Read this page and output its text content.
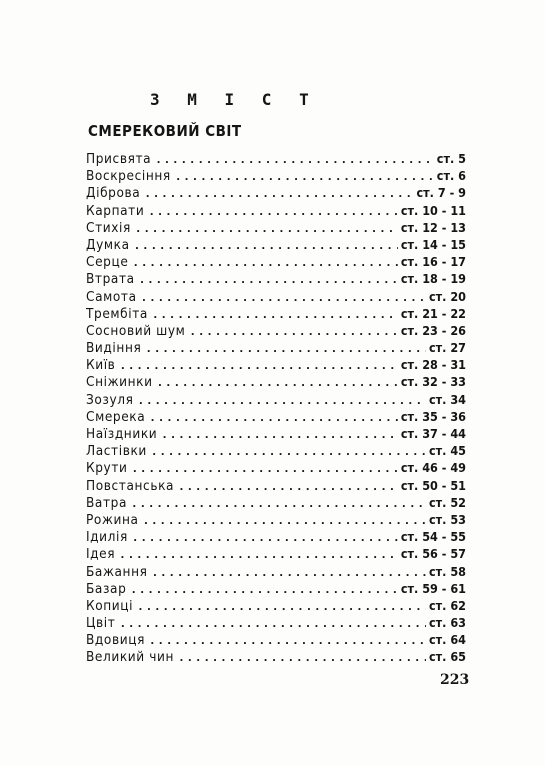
З М І С Т
СМЕРЕКОВИЙ СВІТ
Присвята .....	ст. 5
Воскресіння .....	ст. 6
Діброва .....	ст. 7 - 9
Карпати .....	ст. 10 - 11
Стихія .....	ст. 12 - 13
Думка .....	ст. 14 - 15
Серце .....	ст. 16 - 17
Втрата .....	ст. 18 - 19
Самота .....	ст. 20
Трембіта .....	ст. 21 - 22
Сосновий шум .....	ст. 23 - 26
Видіння .....	ст. 27
Київ .....	ст. 28 - 31
Сніжинки .....	ст. 32 - 33
Зозуля .....	ст. 34
Смерека .....	ст. 35 - 36
Наїздники .....	ст. 37 - 44
Ластівки .....	ст. 45
Крути .....	ст. 46 - 49
Повстанська .....	ст. 50 - 51
Ватра .....	ст. 52
Рожина .....	ст. 53
Ідилія .....	ст. 54 - 55
Ідея .....	ст. 56 - 57
Бажання .....	ст. 58
Базар .....	ст. 59 - 61
Копиці .....	ст. 62
Цвіт .....	ст. 63
Вдовиця .....	ст. 64
Великий чин .....	ст. 65
223
